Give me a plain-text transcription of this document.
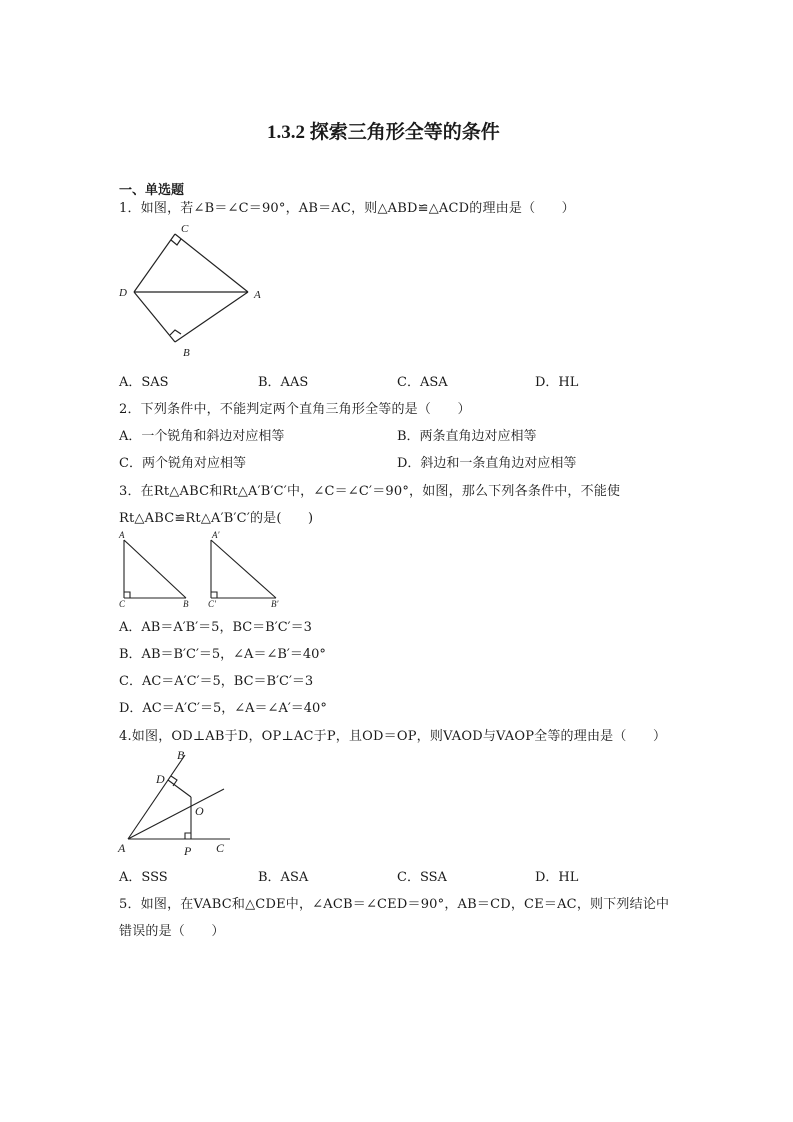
1.3.2 探索三角形全等的条件
一、单选题
1．如图，若∠B＝∠C＝90°，AB＝AC，则△ABD≌△ACD的理由是（　　）
C
D	A
B
A．SAS	B．AAS	C．ASA	D．HL
2．下列条件中，不能判定两个直角三角形全等的是（　　）
A．一个锐角和斜边对应相等	B．两条直角边对应相等
C．两个锐角对应相等	D．斜边和一条直角边对应相等
3．在Rt△ABC和Rt△A′B′C′中，∠C＝∠C′＝90°，如图，那么下列各条件中，不能使
Rt△ABC≌Rt△A′B′C′的是(　　)
A
C	B
A′
C′	B′
A．AB＝A′B′＝5，BC＝B′C′＝3
B．AB＝B′C′＝5，∠A＝∠B′＝40°
C．AC＝A′C′＝5，BC＝B′C′＝3
D．AC＝A′C′＝5，∠A＝∠A′＝40°
4.如图，OD⊥AB于D，OP⊥AC于P，且OD＝OP，则VAOD与VAOP全等的理由是（　　）
B
D
O
A	P C
A．SSS	B．ASA	C．SSA	D．HL
5．如图，在VABC和△CDE中，∠ACB＝∠CED＝90°，AB＝CD，CE＝AC，则下列结论中
错误的是（　　）
